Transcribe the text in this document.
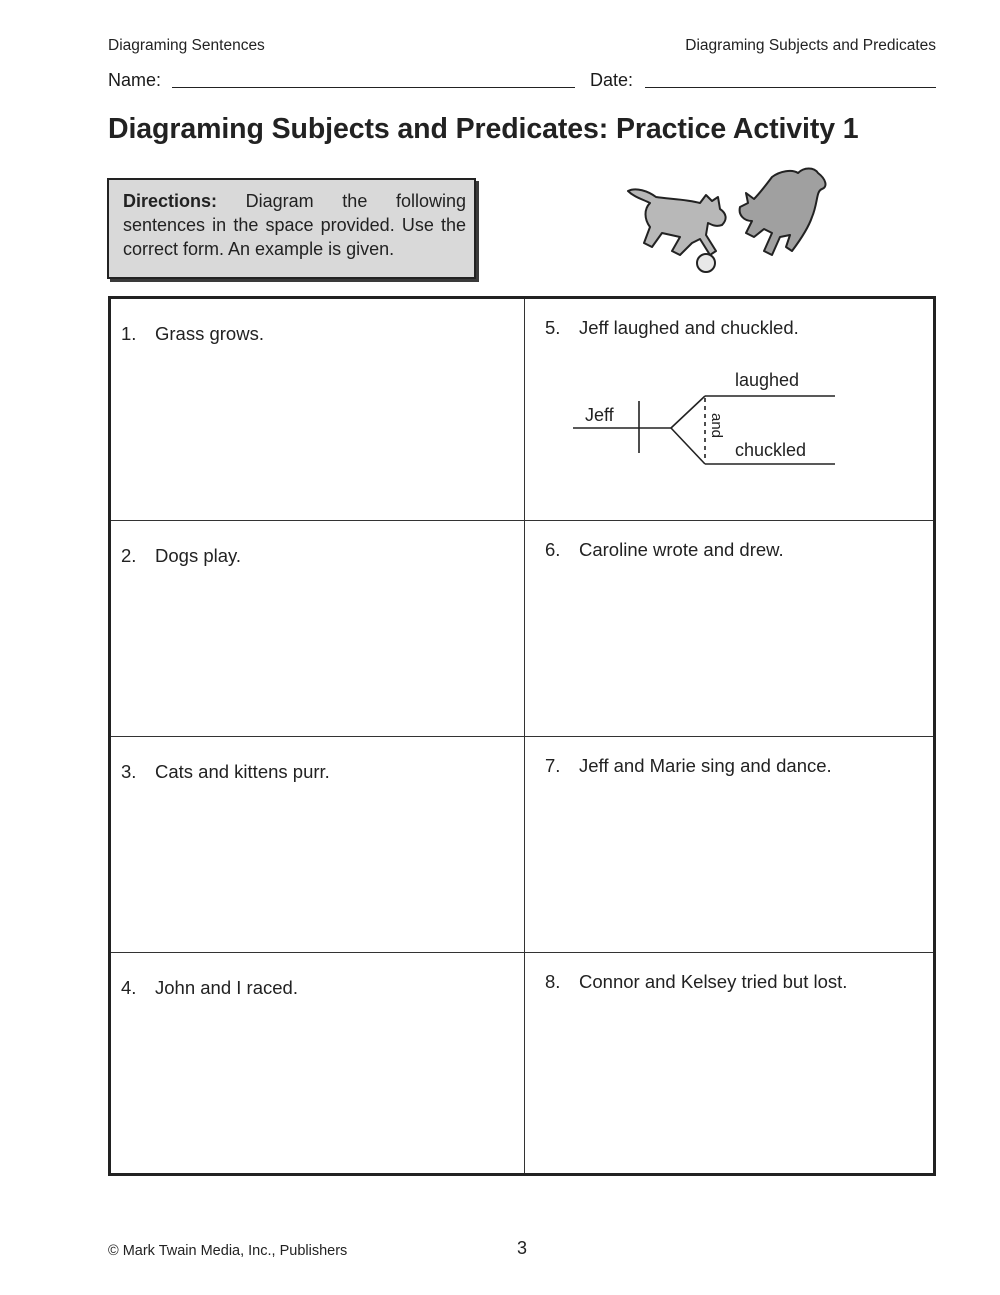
Diagraming Sentences	Diagraming Subjects and Predicates
Name:	Date:
Diagraming Subjects and Predicates: Practice Activity 1
Directions: Diagram the following sentences in the space provided. Use the correct form. An example is given.
1. Grass grows.	5. Jeff laughed and chuckled.
Jeff
laughed
chuckled
and
2. Dogs play.	6. Caroline wrote and drew.
3. Cats and kittens purr.	7. Jeff and Marie sing and dance.
4. John and I raced.	8. Connor and Kelsey tried but lost.
© Mark Twain Media, Inc., Publishers	3
